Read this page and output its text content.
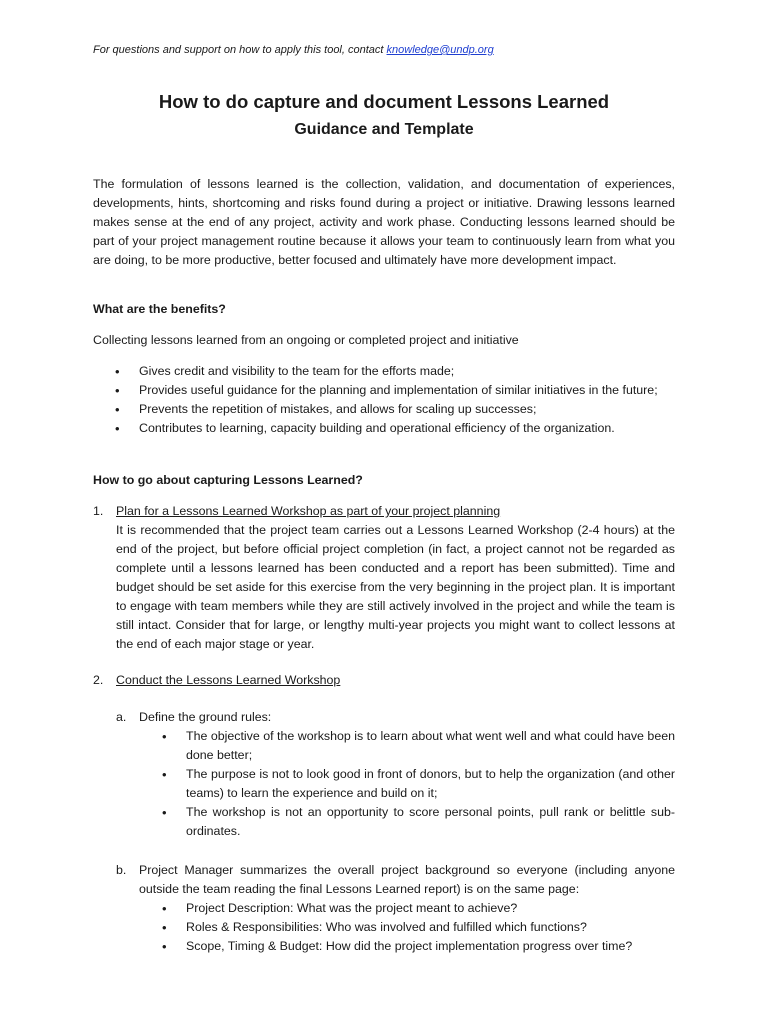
For questions and support on how to apply this tool, contact knowledge@undp.org
How to do capture and document Lessons Learned
Guidance and Template
The formulation of lessons learned is the collection, validation, and documentation of experiences, developments, hints, shortcoming and risks found during a project or initiative. Drawing lessons learned makes sense at the end of any project, activity and work phase. Conducting lessons learned should be part of your project management routine because it allows your team to continuously learn from what you are doing, to be more productive, better focused and ultimately have more development impact.
What are the benefits?
Collecting lessons learned from an ongoing or completed project and initiative
• Gives credit and visibility to the team for the efforts made;
• Provides useful guidance for the planning and implementation of similar initiatives in the future;
• Prevents the repetition of mistakes, and allows for scaling up successes;
• Contributes to learning, capacity building and operational efficiency of the organization.
How to go about capturing Lessons Learned?
1.	Plan for a Lessons Learned Workshop as part of your project planning
It is recommended that the project team carries out a Lessons Learned Workshop (2-4 hours) at the end of the project, but before official project completion (in fact, a project cannot not be regarded as complete until a lessons learned has been conducted and a report has been submitted). Time and budget should be set aside for this exercise from the very beginning in the project plan. It is important to engage with team members while they are still actively involved in the project and while the team is still intact. Consider that for large, or lengthy multi-year projects you might want to collect lessons at the end of each major stage or year.
2.	Conduct the Lessons Learned Workshop
a.	Define the ground rules:
• The objective of the workshop is to learn about what went well and what could have been done better;
• The purpose is not to look good in front of donors, but to help the organization (and other teams) to learn the experience and build on it;
• The workshop is not an opportunity to score personal points, pull rank or belittle sub-ordinates.
b.	Project Manager summarizes the overall project background so everyone (including anyone outside the team reading the final Lessons Learned report) is on the same page:
• Project Description: What was the project meant to achieve?
• Roles & Responsibilities: Who was involved and fulfilled which functions?
• Scope, Timing & Budget: How did the project implementation progress over time?
